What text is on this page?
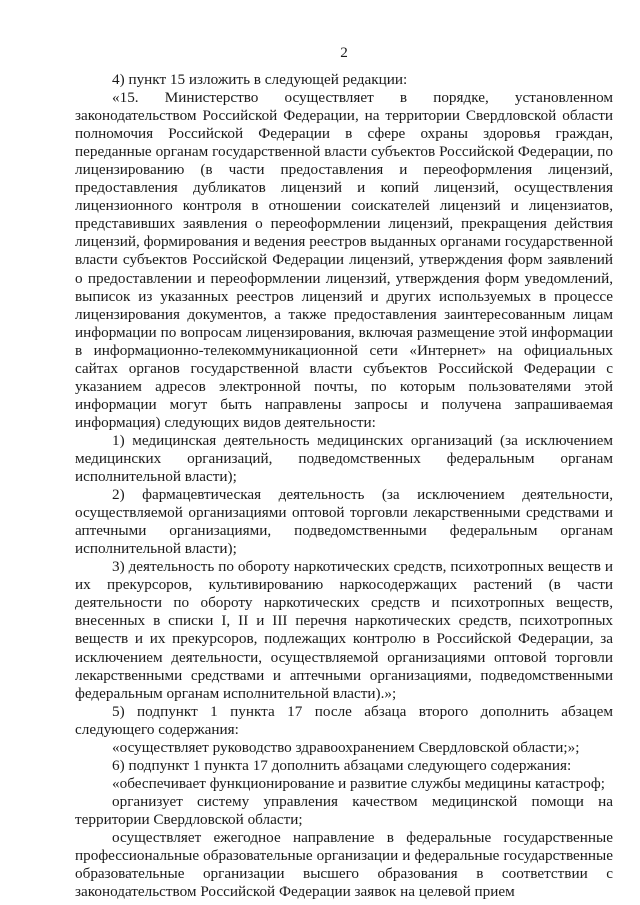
2

4) пункт 15 изложить в следующей редакции:

«15. Министерство осуществляет в порядке, установленном законодательством Российской Федерации, на территории Свердловской области полномочия Российской Федерации в сфере охраны здоровья граждан, переданные органам государственной власти субъектов Российской Федерации, по лицензированию (в части предоставления и переоформления лицензий, предоставления дубликатов лицензий и копий лицензий, осуществления лицензионного контроля в отношении соискателей лицензий и лицензиатов, представивших заявления о переоформлении лицензий, прекращения действия лицензий, формирования и ведения реестров выданных органами государственной власти субъектов Российской Федерации лицензий, утверждения форм заявлений о предоставлении и переоформлении лицензий, утверждения форм уведомлений, выписок из указанных реестров лицензий и других используемых в процессе лицензирования документов, а также предоставления заинтересованным лицам информации по вопросам лицензирования, включая размещение этой информации в информационно-телекоммуникационной сети «Интернет» на официальных сайтах органов государственной власти субъектов Российской Федерации с указанием адресов электронной почты, по которым пользователями этой информации могут быть направлены запросы и получена запрашиваемая информация) следующих видов деятельности:

1) медицинская деятельность медицинских организаций (за исключением медицинских организаций, подведомственных федеральным органам исполнительной власти);

2) фармацевтическая деятельность (за исключением деятельности, осуществляемой организациями оптовой торговли лекарственными средствами и аптечными организациями, подведомственными федеральным органам исполнительной власти);

3) деятельность по обороту наркотических средств, психотропных веществ и их прекурсоров, культивированию наркосодержащих растений (в части деятельности по обороту наркотических средств и психотропных веществ, внесенных в списки I, II и III перечня наркотических средств, психотропных веществ и их прекурсоров, подлежащих контролю в Российской Федерации, за исключением деятельности, осуществляемой организациями оптовой торговли лекарственными средствами и аптечными организациями, подведомственными федеральным органам исполнительной власти).»;

5) подпункт 1 пункта 17 после абзаца второго дополнить абзацем следующего содержания:

«осуществляет руководство здравоохранением Свердловской области;»;

6) подпункт 1 пункта 17 дополнить абзацами следующего содержания:

«обеспечивает функционирование и развитие службы медицины катастроф;

организует систему управления качеством медицинской помощи на территории Свердловской области;

осуществляет ежегодное направление в федеральные государственные профессиональные образовательные организации и федеральные государственные образовательные организации высшего образования в соответствии с законодательством Российской Федерации заявок на целевой прием
